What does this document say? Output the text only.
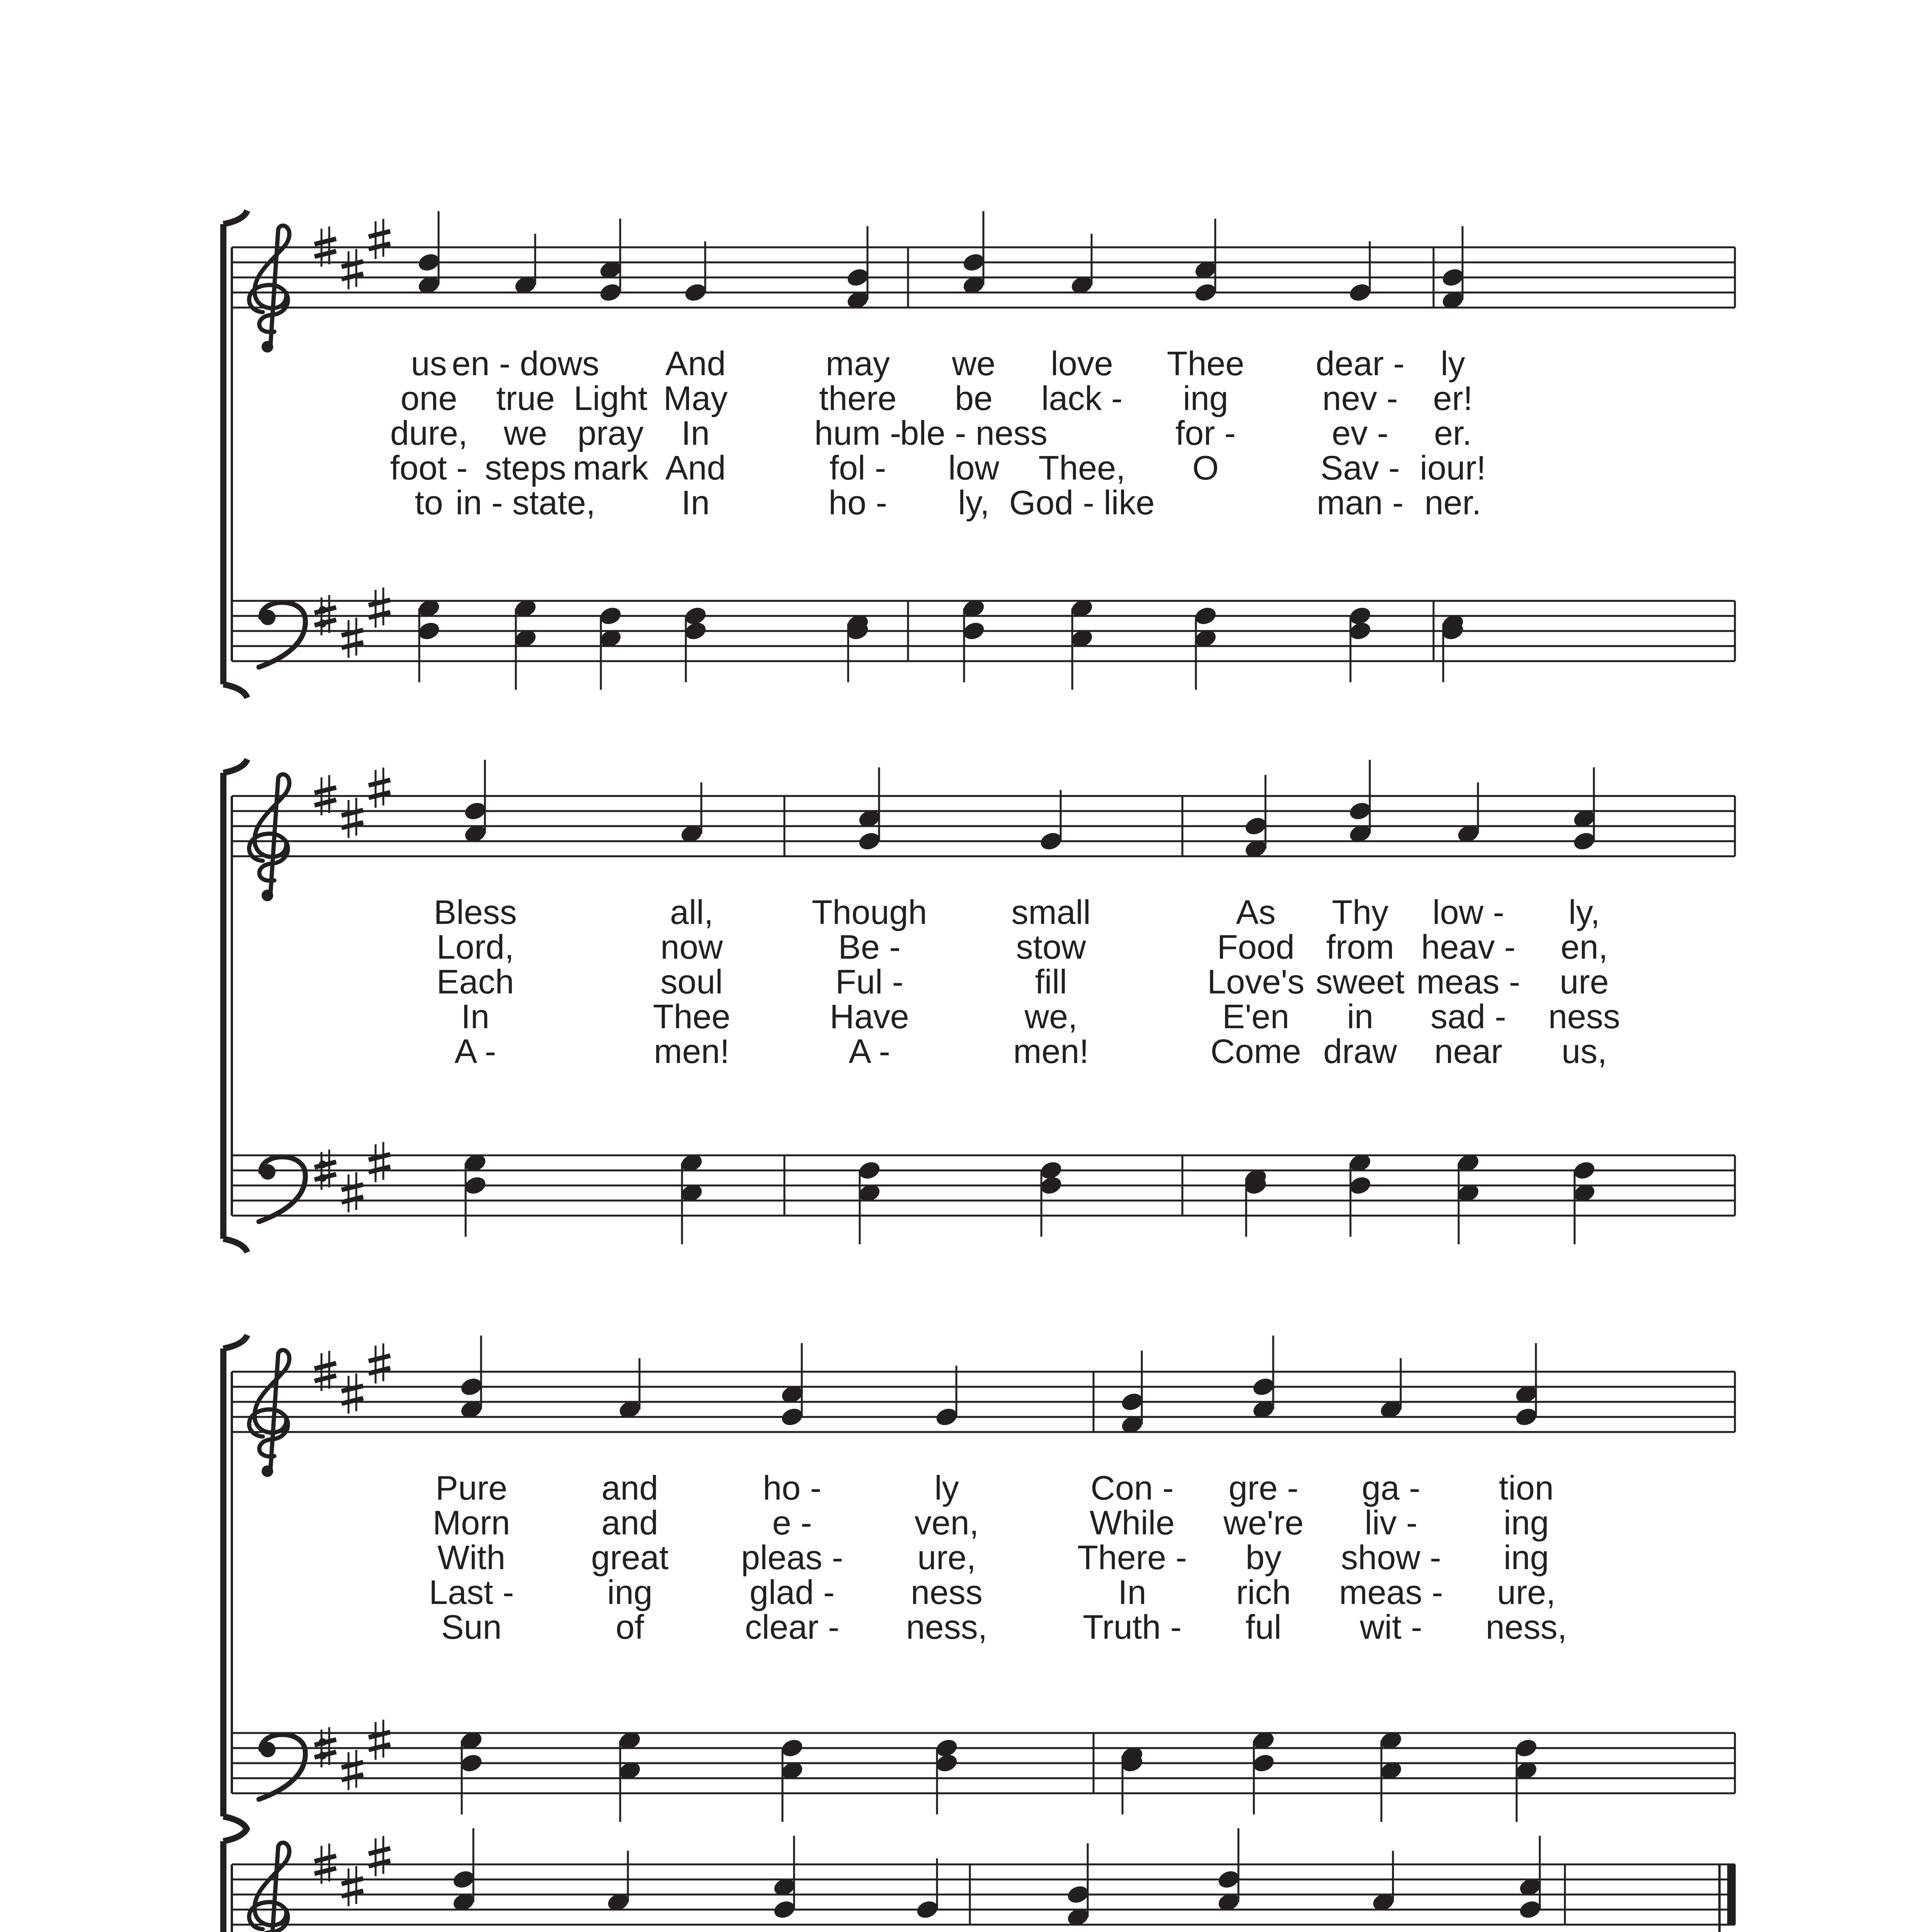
us
one
dure,
foot -
to
en - dows
true
we
steps
in - state,
Light
pray
mark
And
May
In
And
In
may
there
hum -
fol -
ho -
we
be
ble - ness
low
ly,
love
lack -
Thee,
God - like
Thee
ing
for -
O
dear -
nev -
ev -
Sav -
man -
ly
er!
er.
iour!
ner.
Bless
Lord,
Each
In
A -
all,
now
soul
Thee
men!
Though
Be -
Ful -
Have
A -
small
stow
fill
we,
men!
As
Food
Love's
E'en
Come
Thy
from
sweet
in
draw
low -
heav -
meas -
sad -
near
ly,
en,
ure
ness
us,
Pure
Morn
With
Last -
Sun
and
and
great
ing
of
ho -
e -
pleas -
glad -
clear -
ly
ven,
ure,
ness
ness,
Con -
While
There -
In
Truth -
gre -
we're
by
rich
ful
ga -
liv -
show -
meas -
wit -
tion
ing
ing
ure,
ness,
